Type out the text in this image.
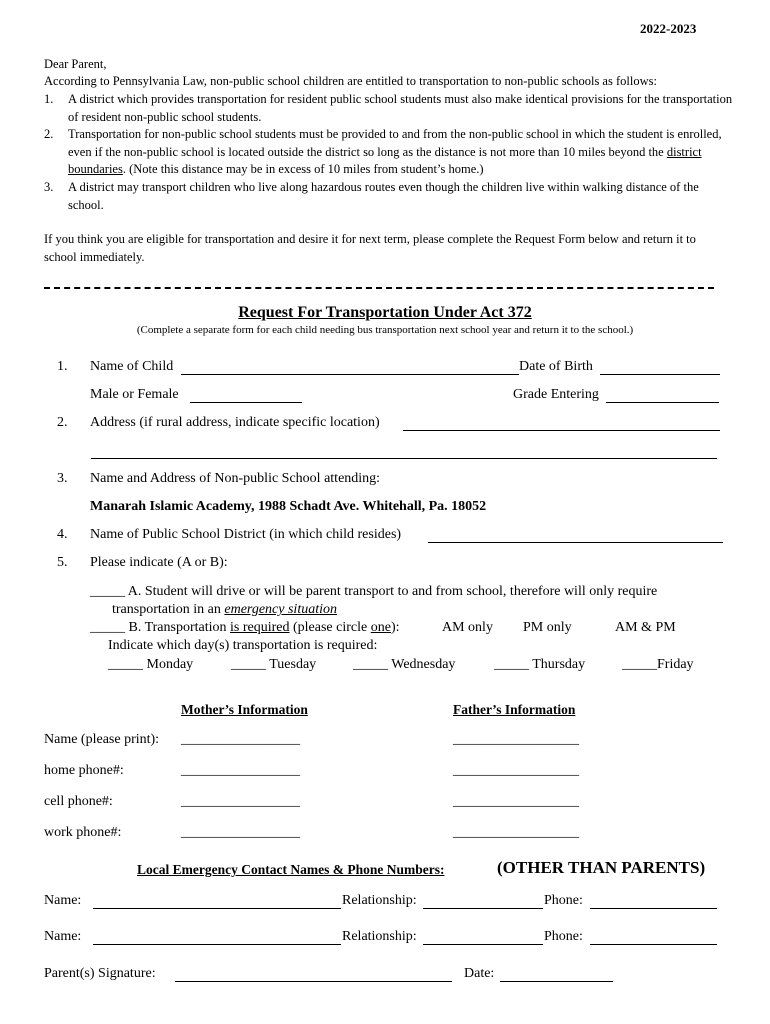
2022-2023
Dear Parent,
According to Pennsylvania Law, non-public school children are entitled to transportation to non-public schools as follows:
1. A district which provides transportation for resident public school students must also make identical provisions for the transportation of resident non-public school students.
2. Transportation for non-public school students must be provided to and from the non-public school in which the student is enrolled, even if the non-public school is located outside the district so long as the distance is not more than 10 miles beyond the district boundaries. (Note this distance may be in excess of 10 miles from student’s home.)
3. A district may transport children who live along hazardous routes even though the children live within walking distance of the school.
If you think you are eligible for transportation and desire it for next term, please complete the Request Form below and return it to school immediately.
Request For Transportation Under Act 372
(Complete a separate form for each child needing bus transportation next school year and return it to the school.)
1. Name of Child	Date of Birth
Male or Female	Grade Entering
2. Address (if rural address, indicate specific location)
3. Name and Address of Non-public School attending:
Manarah Islamic Academy, 1988 Schadt Ave. Whitehall, Pa. 18052
4. Name of Public School District (in which child resides)
5. Please indicate (A or B):
_____ A. Student will drive or will be parent transport to and from school, therefore will only require
transportation in an emergency situation
_____ B. Transportation is required (please circle one):	AM only PM only	AM & PM
Indicate which day(s) transportation is required:
_____ Monday	_____ Tuesday	_____ Wednesday	_____ Thursday	_____Friday
Mother’s Information	Father’s Information
Name (please print): _________________	__________________
home phone#:	_________________	__________________
cell phone#:	_________________	__________________
work phone#:	_________________	__________________
Local Emergency Contact Names & Phone Numbers:	(OTHER THAN PARENTS)
Name:	Relationship:	Phone:
Name:	Relationship:	Phone:
Parent(s) Signature:	Date:
